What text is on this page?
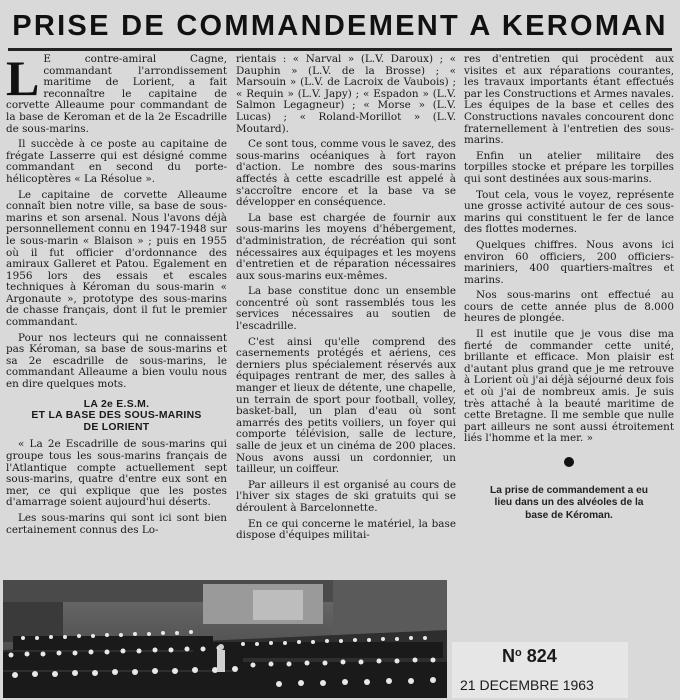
PRISE DE COMMANDEMENT A KEROMAN

L E contre-amiral Cagne, commandant l'arrondissement maritime de Lorient, a fait reconnaître le capitaine de corvette Alleaume pour commandant de la base de Keroman et de la 2e Escadrille de sous-marins.

Il succède à ce poste au capitaine de frégate Lasserre qui est désigné comme commandant en second du porte-hélicoptères « La Résolue ».

Le capitaine de corvette Alleaume connaît bien notre ville, sa base de sous-marins et son arsenal. Nous l'avons déjà personnellement connu en 1947-1948 sur le sous-marin « Blaison » ; puis en 1955 où il fut officier d'ordonnance des amiraux Galleret et Patou. Egalement en 1956 lors des essais et escales techniques à Kéroman du sous-marin « Argonaute », prototype des sous-marins de chasse français, dont il fut le premier commandant.

Pour nos lecteurs qui ne connaissent pas Kéroman, sa base de sous-marins et sa 2e escadrille de sous-marins, le commandant Alleaume a bien voulu nous en dire quelques mots.

LA 2e E.S.M.
ET LA BASE DES SOUS-MARINS
DE LORIENT

« La 2e Escadrille de sous-marins qui groupe tous les sous-marins français de l'Atlantique compte actuellement sept sous-marins, quatre d'entre eux sont en mer, ce qui explique que les postes d'amarrage soient aujourd'hui déserts.

Les sous-marins qui sont ici sont bien certainement connus des Lo-

rientais : « Narval » (L.V. Daroux) ; « Dauphin » (L.V. de la Brosse) ; « Marsouin » (L.V. de Lacroix de Vaubois) ; « Requin » (L.V. Japy) ; « Espadon » (L.V. Salmon Legagneur) ; « Morse » (L.V. Lucas) ; « Roland-Morillot » (L.V. Moutard).

Ce sont tous, comme vous le savez, des sous-marins océaniques à fort rayon d'action. Le nombre des sous-marins affectés à cette escadrille est appelé à s'accroître encore et la base va se développer en conséquence.

La base est chargée de fournir aux sous-marins les moyens d'hébergement, d'administration, de récréation qui sont nécessaires aux équipages et les moyens d'entretien et de réparation nécessaires aux sous-marins eux-mêmes.

La base constitue donc un ensemble concentré où sont rassemblés tous les services nécessaires au soutien de l'escadrille.

C'est ainsi qu'elle comprend des casernements protégés et aériens, ces derniers plus spécialement réservés aux équipages rentrant de mer, des salles à manger et lieux de détente, une chapelle, un terrain de sport pour football, volley, basket-ball, un plan d'eau où sont amarrés des petits voiliers, un foyer qui comporte télévision, salle de lecture, salle de jeux et un cinéma de 200 places. Nous avons aussi un cordonnier, un tailleur, un coiffeur.

Par ailleurs il est organisé au cours de l'hiver six stages de ski gratuits qui se déroulent à Barcelonnette.

En ce qui concerne le matériel, la base dispose d'équipes militai-

res d'entretien qui procèdent aux visites et aux réparations courantes, les travaux importants étant effectués par les Constructions et Armes navales. Les équipes de la base et celles des Constructions navales concourent donc fraternellement à l'entretien des sous-marins.

Enfin un atelier militaire des torpilles stocke et prépare les torpilles qui sont destinées aux sous-marins.

Tout cela, vous le voyez, représente une grosse activité autour de ces sous-marins qui constituent le fer de lance des flottes modernes.

Quelques chiffres. Nous avons ici environ 60 officiers, 200 officiers-mariniers, 400 quartiers-maîtres et marins.

Nos sous-marins ont effectué au cours de cette année plus de 8.000 heures de plongée.

Il est inutile que je vous dise ma fierté de commander cette unité, brillante et efficace. Mon plaisir est d'autant plus grand que je me retrouve à Lorient où j'ai déjà séjourné deux fois et où j'ai de nombreux amis. Je suis très attaché à la beauté maritime de cette Bretagne. Il me semble que nulle part ailleurs ne sont aussi étroitement liés l'homme et la mer. »

La prise de commandement a eu
lieu dans un des alvéoles de la
base de Kéroman.
$N^o$ 824
21 DECEMBRE 1963
